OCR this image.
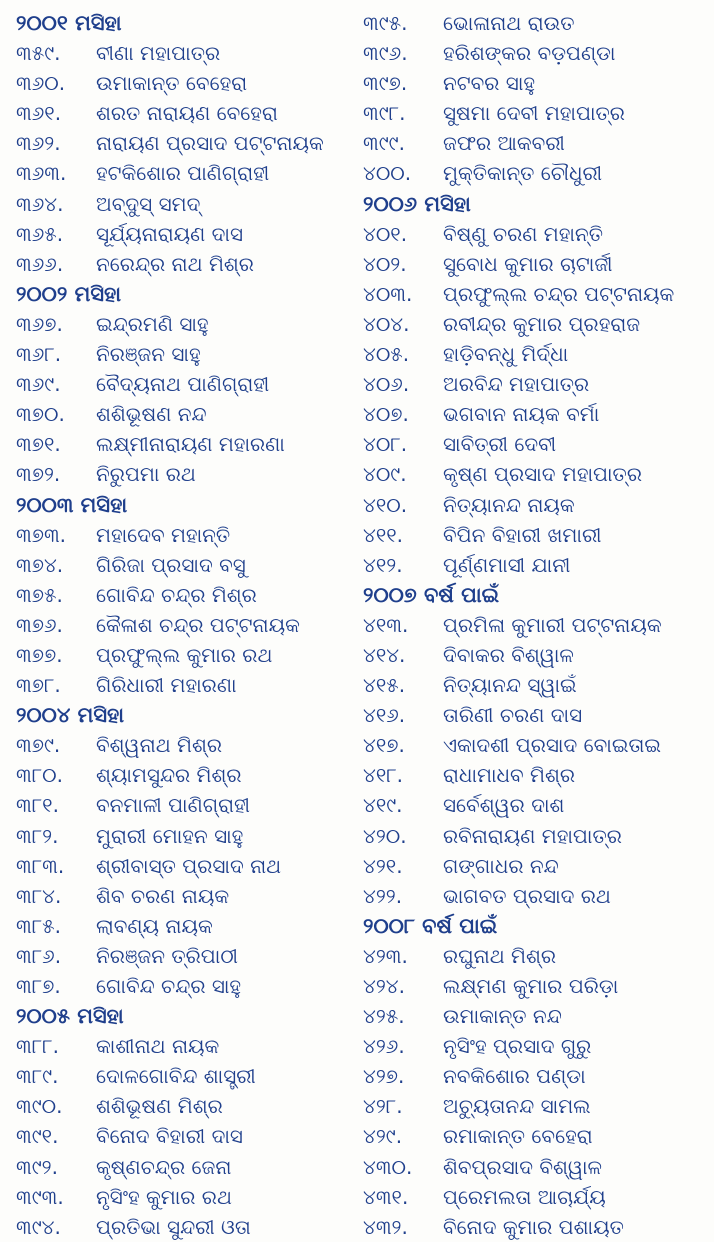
୨୦୦୧ ମସିହା
୩୫୯. ବୀଣା ମହାପାତ୍ର
୩୬୦. ଉମାକାନ୍ତ ବେହେରା
୩୬୧. ଶରତ ନାରାୟଣ ବେହେରା
୩୬୨. ନାରାୟଣ ପ୍ରସାଦ ପଟ୍ଟନାୟକ
୩୬୩. ହଟକିଶୋର ପାଣିଗ୍ରାହୀ
୩୬୪. ଅବ୍‌ଦୁସ୍ ସମଦ୍
୩୬୫. ସୂର୍ଯ୍ୟନାରାୟଣ ଦାସ
୩୬୬. ନରେନ୍ଦ୍ର ନାଥ ମିଶ୍ର
୨୦୦୨ ମସିହା
୩୬୭. ଇନ୍ଦ୍ରମଣି ସାହୁ
୩୬୮. ନିରଞ୍ଜନ ସାହୁ
୩୬୯. ବୈଦ୍ୟନାଥ ପାଣିଗ୍ରାହୀ
୩୭୦. ଶଶିଭୂଷଣ ନନ୍ଦ
୩୭୧. ଲକ୍ଷ୍ମୀନାରାୟଣ ମହାରଣା
୩୭୨. ନିରୁପମା ରଥ
୨୦୦୩ ମସିହା
୩୭୩. ମହାଦେବ ମହାନ୍ତି
୩୭୪. ଗିରିଜା ପ୍ରସାଦ ବସୁ
୩୭୫. ଗୋବିନ୍ଦ ଚନ୍ଦ୍ର ମିଶ୍ର
୩୭୬. କୈଳାଶ ଚନ୍ଦ୍ର ପଟ୍ଟନାୟକ
୩୭୭. ପ୍ରଫୁଲ୍ଲ କୁମାର ରଥ
୩୭୮. ଗିରିଧାରୀ ମହାରଣା
୨୦୦୪ ମସିହା
୩୭୯. ବିଶ୍ୱନାଥ ମିଶ୍ର
୩୮୦. ଶ୍ୟାମସୁନ୍ଦର ମିଶ୍ର
୩୮୧. ବନମାଳୀ ପାଣିଗ୍ରାହୀ
୩୮୨. ମୁରାରୀ ମୋହନ ସାହୁ
୩୮୩. ଶ୍ରୀବାସ୍ତ ପ୍ରସାଦ ନାଥ
୩୮୪. ଶିବ ଚରଣ ନାୟକ
୩୮୫. ଲାବଣ୍ୟ ନାୟକ
୩୮୬. ନିରଞ୍ଜନ ତ୍ରିପାଠୀ
୩୮୭. ଗୋବିନ୍ଦ ଚନ୍ଦ୍ର ସାହୁ
୨୦୦୫ ମସିହା
୩୮୮. କାଶୀନାଥ ନାୟକ
୩୮୯. ଦୋଳଗୋବିନ୍ଦ ଶାସ୍ତ୍ରୀ
୩୯୦. ଶଶିଭୂଷଣ ମିଶ୍ର
୩୯୧. ବିନୋଦ ବିହାରୀ ଦାସ
୩୯୨. କୃଷ୍ଣଚନ୍ଦ୍ର ଜେନା
୩୯୩. ନୃସିଂହ କୁମାର ରଥ
୩୯୪. ପ୍ରତିଭା ସୁନ୍ଦରୀ ଓତା
୩୯୫. ଭୋଳାନାଥ ରାଉତ
୩୯୬. ହରିଶଙ୍କର ବଡ଼ପଣ୍ଡା
୩୯୭. ନଟବର ସାହୁ
୩୯୮. ସୁଷମା ଦେବୀ ମହାପାତ୍ର
୩୯୯. ଜଫର ଆକବରୀ
୪୦୦. ମୁକ୍ତିକାନ୍ତ ଚୌଧୁରୀ
୨୦୦୬ ମସିହା
୪୦୧. ବିଷ୍ଣୁ ଚରଣ ମହାନ୍ତି
୪୦୨. ସୁବୋଧ କୁମାର ଚାଟାର୍ଜୀ
୪୦୩. ପ୍ରଫୁଲ୍ଲ ଚନ୍ଦ୍ର ପଟ୍ଟନାୟକ
୪୦୪. ରବୀନ୍ଦ୍ର କୁମାର ପ୍ରହରାଜ
୪୦୫. ହାଡ଼ିବନ୍ଧୁ ମିର୍ଦ୍ଧା
୪୦୬. ଅରବିନ୍ଦ ମହାପାତ୍ର
୪୦୭. ଭଗବାନ ନାୟକ ବର୍ମା
୪୦୮. ସାବିତ୍ରୀ ଦେବୀ
୪୦୯. କୃଷ୍ଣ ପ୍ରସାଦ ମହାପାତ୍ର
୪୧୦. ନିତ୍ୟାନନ୍ଦ ନାୟକ
୪୧୧. ବିପିନ ବିହାରୀ ଖମାରୀ
୪୧୨. ପୂର୍ଣ୍ଣମାସୀ ଯାନୀ
୨୦୦୭ ବର୍ଷ ପାଇଁ
୪୧୩. ପ୍ରମିଳା କୁମାରୀ ପଟ୍ଟନାୟକ
୪୧୪. ଦିବାକର ବିଶ୍ୱାଳ
୪୧୫. ନିତ୍ୟାନନ୍ଦ ସ୍ୱାଇଁ
୪୧୬. ତାରିଣୀ ଚରଣ ଦାସ
୪୧୭. ଏକାଦଶୀ ପ୍ରସାଦ ବୋଇତାଇ
୪୧୮. ରାଧାମାଧବ ମିଶ୍ର
୪୧୯. ସର୍ବେଶ୍ୱର ଦାଶ
୪୨୦. ରବିନାରାୟଣ ମହାପାତ୍ର
୪୨୧. ଗଙ୍ଗାଧର ନନ୍ଦ
୪୨୨. ଭାଗବତ ପ୍ରସାଦ ରଥ
୨୦୦୮ ବର୍ଷ ପାଇଁ
୪୨୩. ରଘୁନାଥ ମିଶ୍ର
୪୨୪. ଲକ୍ଷ୍ମଣ କୁମାର ପରିଡ଼ା
୪୨୫. ଉମାକାନ୍ତ ନନ୍ଦ
୪୨୬. ନୃସିଂହ ପ୍ରସାଦ ଗୁରୁ
୪୨୭. ନବକିଶୋର ପଣ୍ଡା
୪୨୮. ଅଚ୍ୟୁତାନନ୍ଦ ସାମଲ
୪୨୯. ରମାକାନ୍ତ ବେହେରା
୪୩୦. ଶିବପ୍ରସାଦ ବିଶ୍ୱାଳ
୪୩୧. ପ୍ରେମଲତା ଆଚାର୍ଯ୍ୟ
୪୩୨. ବିନୋଦ କୁମାର ପଶାୟତ
